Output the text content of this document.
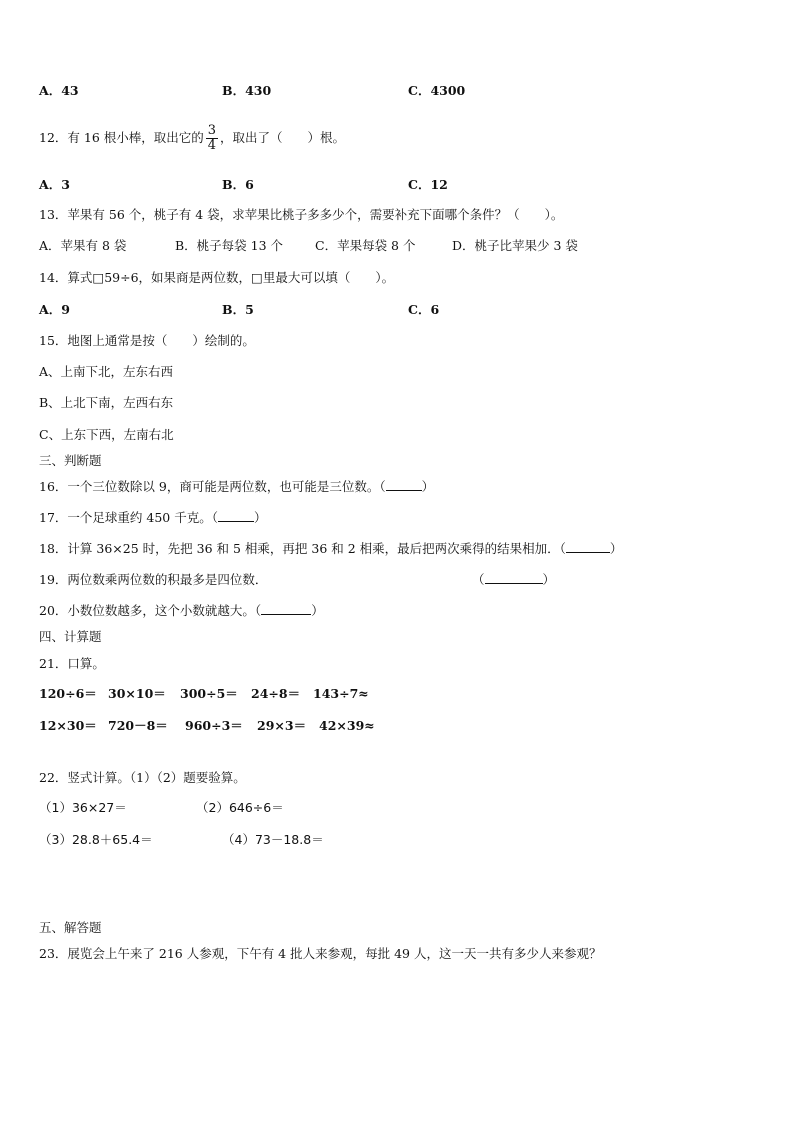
A．43	B．430	C．4300
12．有 16 根小棒，取出它的 $\frac{3}{4}$ ，取出了（　　）根。
A．3	B．6	C．12
13．苹果有 56 个，桃子有 4 袋，求苹果比桃子多多少个，需要补充下面哪个条件？（　　）。
A．苹果有 8 袋	B．桃子每袋 13 个	C．苹果每袋 8 个	D．桃子比苹果少 3 袋
14．算式□59÷6，如果商是两位数，□里最大可以填（　　）。
A．9	B．5	C．6
15．地图上通常是按（　　）绘制的。
A、上南下北，左东右西
B、上北下南，左西右东
C、上东下西，左南右北
三、判断题
16．一个三位数除以 9，商可能是两位数，也可能是三位数。（	）
17．一个足球重约 450 千克。（	）
18．计算 36×25 时，先把 36 和 5 相乘，再把 36 和 2 相乘，最后把两次乘得的结果相加．（	）
19．两位数乘两位数的积最多是四位数．	（	）
20．小数位数越多，这个小数就越大。（	）
四、计算题
21．口算。
120÷6＝ 30×10＝ 300÷5＝ 24÷8＝ 143÷7≈
12×30＝ 720－8＝ 960÷3＝ 29×3＝ 42×39≈
22．竖式计算。（1）（2）题要验算。
（1）36×27＝	（2）646÷6＝
（3）28.8＋65.4＝	（4）73－18.8＝
五、解答题
23．展览会上午来了 216 人参观，下午有 4 批人来参观，每批 49 人，这一天一共有多少人来参观？
